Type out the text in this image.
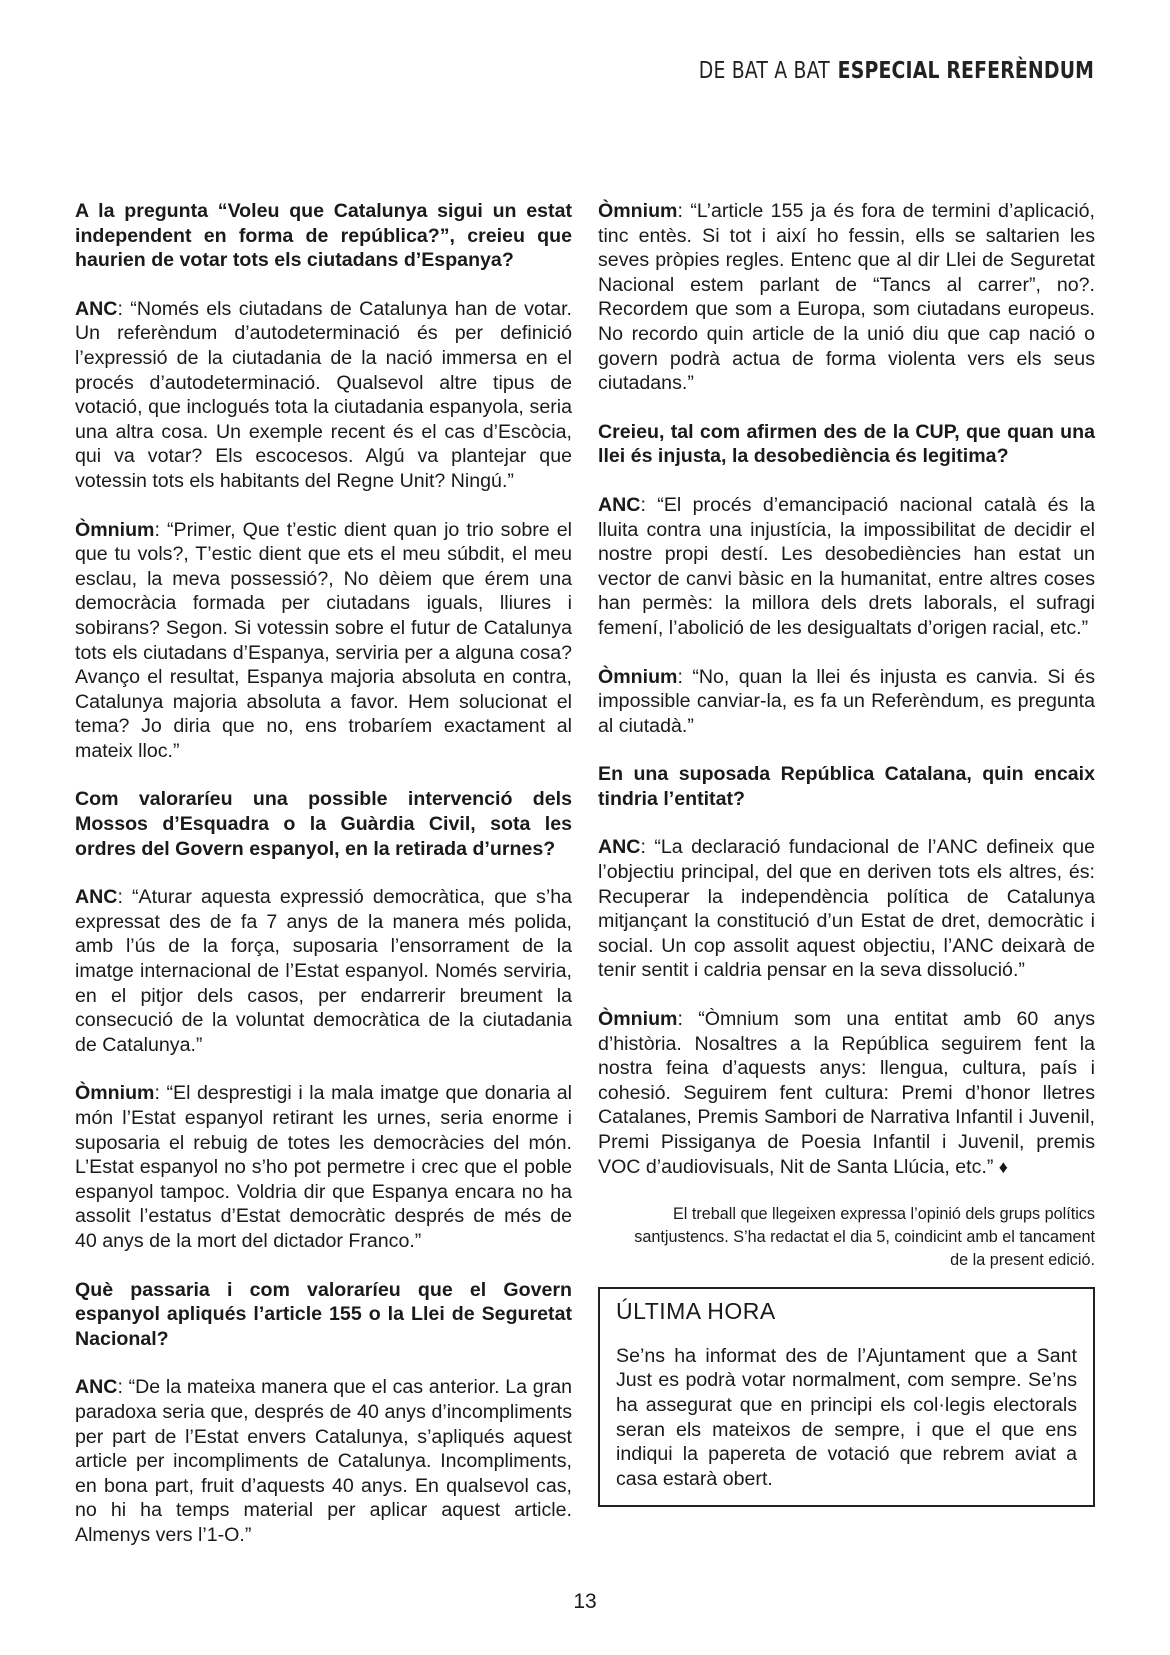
DE BAT A BAT ESPECIAL REFERÈNDUM

A la pregunta “Voleu que Catalunya sigui un estat independent en forma de república?”, creieu que haurien de votar tots els ciutadans d’Espanya?

ANC: “Només els ciutadans de Catalunya han de votar. Un referèndum d’autodeterminació és per definició l’expressió de la ciutadania de la nació immersa en el procés d’autodeterminació. Qualsevol altre tipus de votació, que inclogués tota la ciutadania espanyola, seria una altra cosa. Un exemple recent és el cas d’Escòcia, qui va votar? Els escocesos. Algú va plantejar que votessin tots els habitants del Regne Unit? Ningú.”

Òmnium: “Primer, Que t’estic dient quan jo trio sobre el que tu vols?, T’estic dient que ets el meu súbdit, el meu esclau, la meva possessió?, No dèiem que érem una democràcia formada per ciutadans iguals, lliures i sobirans? Segon. Si votessin sobre el futur de Catalunya tots els ciutadans d’Espanya, serviria per a alguna cosa? Avanço el resultat, Espanya majoria absoluta en contra, Catalunya majoria absoluta a favor. Hem solucionat el tema? Jo diria que no, ens trobaríem exactament al mateix lloc.”

Com valoraríeu una possible intervenció dels Mossos d’Esquadra o la Guàrdia Civil, sota les ordres del Govern espanyol, en la retirada d’urnes?

ANC: “Aturar aquesta expressió democràtica, que s’ha expressat des de fa 7 anys de la manera més polida, amb l’ús de la força, suposaria l’ensorrament de la imatge internacional de l’Estat espanyol. Només serviria, en el pitjor dels casos, per endarrerir breument la consecució de la voluntat democràtica de la ciutadania de Catalunya.”

Òmnium: “El desprestigi i la mala imatge que donaria al món l’Estat espanyol retirant les urnes, seria enorme i suposaria el rebuig de totes les democràcies del món. L’Estat espanyol no s’ho pot permetre i crec que el poble espanyol tampoc. Voldria dir que Espanya encara no ha assolit l’estatus d’Estat democràtic després de més de 40 anys de la mort del dictador Franco.”

Què passaria i com valoraríeu que el Govern espanyol apliqués l’article 155 o la Llei de Seguretat Nacional?

ANC: “De la mateixa manera que el cas anterior. La gran paradoxa seria que, després de 40 anys d’incompliments per part de l’Estat envers Catalunya, s’apliqués aquest article per incompliments de Catalunya. Incompliments, en bona part, fruit d’aquests 40 anys. En qualsevol cas, no hi ha temps material per aplicar aquest article. Almenys vers l’1-O.”

Òmnium: “L’article 155 ja és fora de termini d’aplicació, tinc entès. Si tot i així ho fessin, ells se saltarien les seves pròpies regles. Entenc que al dir Llei de Seguretat Nacional estem parlant de “Tancs al carrer”, no?. Recordem que som a Europa, som ciutadans europeus. No recordo quin article de la unió diu que cap nació o govern podrà actua de forma violenta vers els seus ciutadans.”

Creieu, tal com afirmen des de la CUP, que quan una llei és injusta, la desobediència és legitima?

ANC: “El procés d’emancipació nacional català és la lluita contra una injustícia, la impossibilitat de decidir el nostre propi destí. Les desobediències han estat un vector de canvi bàsic en la humanitat, entre altres coses han permès: la millora dels drets laborals, el sufragi femení, l’abolició de les desigualtats d’origen racial, etc.”

Òmnium: “No, quan la llei és injusta es canvia. Si és impossible canviar-la, es fa un Referèndum, es pregunta al ciutadà.”

En una suposada República Catalana, quin encaix tindria l’entitat?

ANC: “La declaració fundacional de l’ANC defineix que l’objectiu principal, del que en deriven tots els altres, és: Recuperar la independència política de Catalunya mitjançant la constitució d’un Estat de dret, democràtic i social. Un cop assolit aquest objectiu, l’ANC deixarà de tenir sentit i caldria pensar en la seva dissolució.”

Òmnium: “Òmnium som una entitat amb 60 anys d’història. Nosaltres a la República seguirem fent la nostra feina d’aquests anys: llengua, cultura, país i cohesió. Seguirem fent cultura: Premi d’honor lletres Catalanes, Premis Sambori de Narrativa Infantil i Juvenil, Premi Pissiganya de Poesia Infantil i Juvenil, premis VOC d’audiovisuals, Nit de Santa Llúcia, etc.” ♦

El treball que llegeixen expressa l’opinió dels grups polítics santjustencs. S’ha redactat el dia 5, coindicint amb el tancament de la present edició.

ÚLTIMA HORA
Se’ns ha informat des de l’Ajuntament que a Sant Just es podrà votar normalment, com sempre. Se’ns ha assegurat que en principi els col·legis electorals seran els mateixos de sempre, i que el que ens indiqui la papereta de votació que rebrem aviat a casa estarà obert.
13
